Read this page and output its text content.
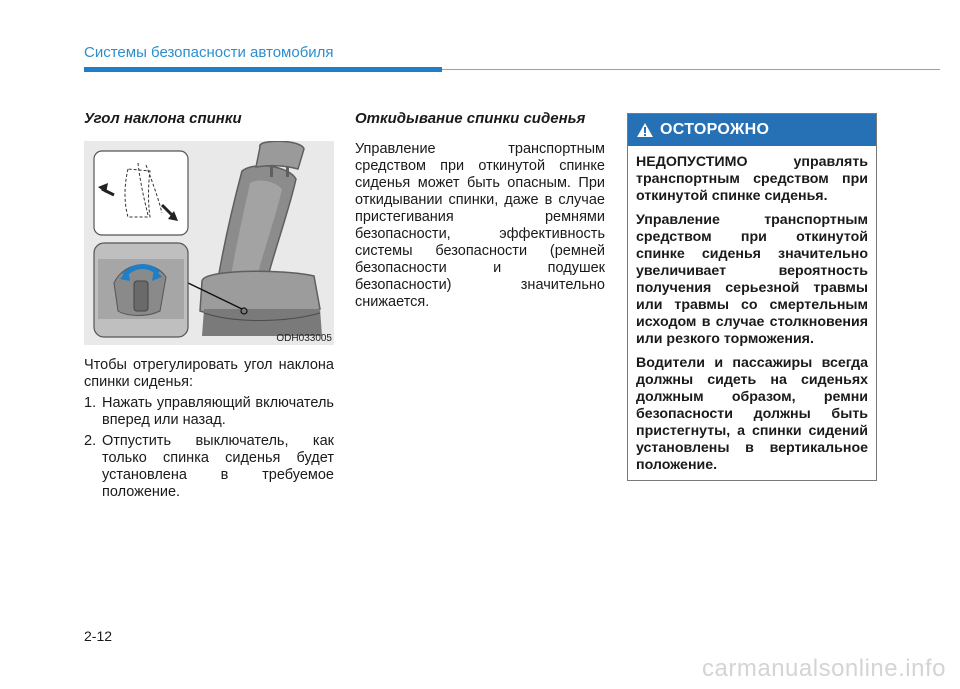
Системы безопасности автомобиля
Угол наклона спинки
ODH033005

Чтобы отрегулировать угол наклона спинки сиденья:

1. Нажать управляющий включатель вперед или назад.
2. Отпустить выключатель, как только спинка сиденья будет установлена в требуемое положение.
Откидывание спинки сиденья

Управление транспортным средством при откинутой спинке сиденья может быть опасным. При откидывании спинки, даже в случае пристегивания ремнями безопасности, эффективность системы безопасности (ремней безопасности и подушек безопасности) значительно снижается.

ОСТОРОЖНО

НЕДОПУСТИМО управлять транспортным средством при откинутой спинке сиденья.

Управление транспортным средством при откинутой спинке сиденья значительно увеличивает вероятность получения серьезной травмы или травмы со смертельным исходом в случае столкновения или резкого торможения.

Водители и пассажиры всегда должны сидеть на сиденьях должным образом, ремни безопасности должны быть пристегнуты, а спинки сидений установлены в вертикальное положение.

2-12
carmanualsonline.info
